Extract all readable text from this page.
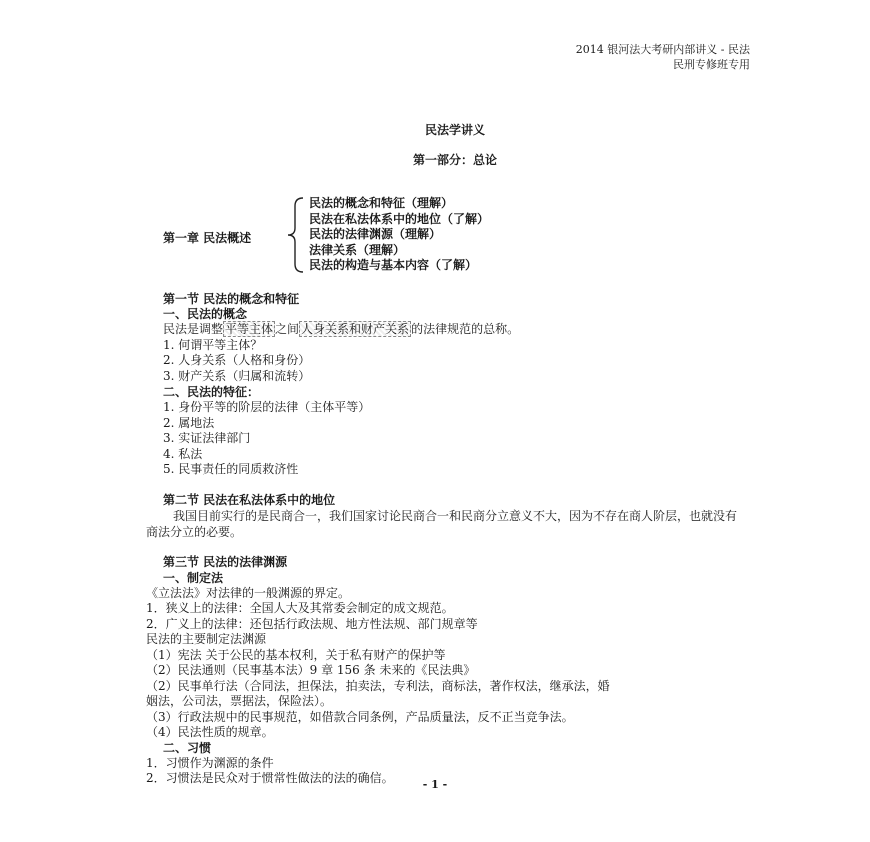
2014 银河法大考研内部讲义 - 民法
民刑专修班专用
民法学讲义
第一部分：总论
第一章 民法概述
民法的概念和特征（理解）
民法在私法体系中的地位（了解）
民法的法律渊源（理解）
法律关系（理解）
民法的构造与基本内容（了解）
第一节 民法的概念和特征
一、民法的概念
民法是调整 平等主体 之间 人身关系和财产关系 的法律规范的总称。
1. 何谓平等主体？
2. 人身关系（人格和身份）
3. 财产关系（归属和流转）
二、民法的特征：
1. 身份平等的阶层的法律（主体平等）
2. 属地法
3. 实证法律部门
4. 私法
5. 民事责任的同质救济性
第二节 民法在私法体系中的地位
我国目前实行的是民商合一，我们国家讨论民商合一和民商分立意义不大，因为不存在商人阶层，也就没有商法分立的必要。
第三节 民法的法律渊源
一、制定法
《立法法》对法律的一般渊源的界定。
1．狭义上的法律：全国人大及其常委会制定的成文规范。
2．广义上的法律：还包括行政法规、地方性法规、部门规章等
民法的主要制定法渊源
（1）宪法 关于公民的基本权利，关于私有财产的保护等
（2）民法通则（民事基本法）9 章 156 条 未来的《民法典》
（2）民事单行法（合同法，担保法，拍卖法，专利法，商标法，著作权法，继承法，婚
姻法，公司法，票据法，保险法）。
（3）行政法规中的民事规范，如借款合同条例，产品质量法，反不正当竞争法。
（4）民法性质的规章。
二、习惯
1．习惯作为渊源的条件
2．习惯法是民众对于惯常性做法的法的确信。	- 1 -
